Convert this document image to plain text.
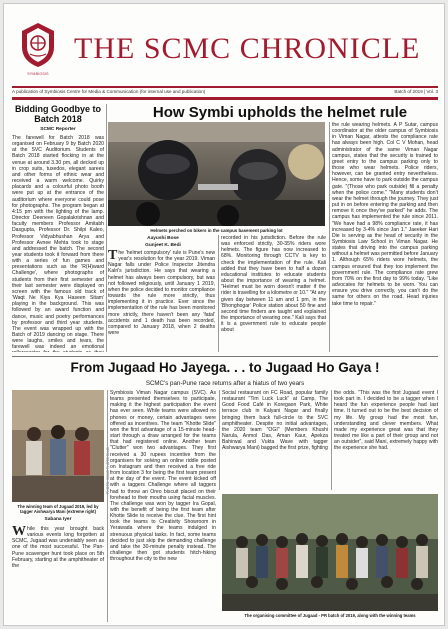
SYMBIOSIS
THE SCMC CHRONICLE
A publication of Symbiosis Centre for Media & Communication (for internal use and publication)	Batch of 2019 | Vol. 3
Bidding Goodbye to Batch 2018
SCMC Reporter
The farewell for Batch 2018 was organised on February 9 by Batch 2020 at the SVC Auditorium. Students of Batch 2018 started flocking in at the venue at around 3.30 pm, all decked up in crop suits, tuxedos, elegant sarees and other forms of ethnic wear and received a warm welcome. Quirky placards and a colourful photo booth were put up at the entrance of the auditorium where everyone could pose for photographs. The program began at 4:15 pm with the lighting of the lamp. Director Deeneen Gopalakrishnan and faculty members Professor Amitabh Dasgupta, Professor Dr. Shilpi Kaleo, Professor Vidyabhushan Arya and Professor Avnee Mehta took to stage and addressed the batch. The second year students took it forward from there with a series of fun games and presentations such as the 'R(H)ward Challenge', where photographs of students from their first semester and their last semester were displayed on screen with the famous old track of 'Waqt Ne Kiya Kya Haseen Sitam' playing in the background. This was followed by an award function and dance, music and poetry performances by professor and third year students. The event was wrapped up with the Batch of 2019 dancing on stage. There were laughs, smiles and tears, the farewell was indeed an emotional
How Symbi upholds the helmet rule
Helmets perched on bikers in the campus basement parking lot
Aayushi Bose
Gunjeet K. Bedi
The 'helmet compulsory' rule is Pune's new year's resolution for the year 2019. Viman Nagar falls under Police Inspector Jitendra Kalri's jurisdiction. He says that wearing a helmet has always been compulsory, but was not followed religiously, until January 1 2019, when the police decided to monitor compliance towards the rule more strictly, thus implementing it in practice. Ever since the implementation of the rule has been monitored more strictly, there haven't been any 'fatal' accidents and 1 death has been recorded, compared to January 2018, when 2 deaths were
recorded in his jurisdiction. Before the rule was enforced strictly, 30-35% riders wore helmets. The figure has now increased to 68%. Monitoring through CCTV is key to check the implementation of the rule. Kali added that they have been to half a dozen educational institutes to educate students about the importance of wearing a helmet. "Helmet must be worn doesn't matter if the rider is travelling for a kilometre or 10." "At any given day between 11 am and 1 pm, in the 'Bhonghogar' Police station about 50 fine and second time finders are taught and explained the importance of wearing one." Kali says that it is a government rule to educate people about
the rule wearing helmets. A P Sutar, campus coordinator at the older campus of Symbiosis in Viman Nagar, attests the compliance rate has always been high. Col C V Mohan, head administrator of the same Viman Nagar campus, states that the security is trained to greet entry to the campus parking only to those who wear helmets. Police riders, however, can be granted entry nevertheless. Hence, some have to park outside the campus gate. "(Those who park outside) fill a penalty when the police come." "Many students don't wear the helmet through the journey. They just put in on before entering the parking and then remove it once they've parked" he adds. The campus has implemented the rule since 2011. "We have had a 98% compliance rate, it has increased by 3-4% since Jan 1." Jaeeker Hari Die is serving as the head of security in the Symbiosis Law School in Viman Nagar. He states that driving into the campus parking without a helmet was permitted before January 1. Although 65% riders wore helmets, the campus ensured that they too implement the government rule. The compliance rate grew from 70% on the first day to 99% today. "Like advocates for helmets to be worn. You can ensure you drive correctly, you can't do the same for others on the road. Head injuries take time to repair."
From Jugaad Ho Jayega. . . to Jugaad Ho Gaya !
SCMC's pan-Pune race returns after a hiatus of two years
The winning team of Jugaad 2019, led by tagger Aishwarya Mani (extreme right)
Sabana Iyer
While this year brought back various events long forgotten at SCMC, Jugaad was undeniably seen as one of the most successful. The Pan-Pune scavenger hunt took place on 5th February, starting at the amphitheater of the
PHOTO: SCMC PHOTO CLUB
Symbiosis Viman Nagar campus (SVC). As teams presented themselves to participate, making it the highest participation the event has ever seen. While teams were allowed no phones or money, certain advantages were offered as incentives. The team "Khotte Slide" won the first advantage of a 15-minute head-start through a draw arranged for the teams that had registered online. Another team "Clutter" won two advantages. They first received a 30 rupees incentive from the organisers for solving an online riddle posted on Instagram and then received a free ride from location 3 for being the first team present at the day of the event. The event kicked off with a taggers Challenge where all taggers had to throw an Oreo biscuit placed on their forehead to their mouths using facial muscles. The challenge was won by tagger Ira Gopal, with the benefit of being the first team after Khotte Slide to receive the clue. The first hint took the teams to Creativity Showroom in Yerawada where the teams indulged in strenuous physical tasks. In fact, some teams decided to just skip the demanding challenge and take the 30-minute penalty instead. The challenge then got students hitch-hiking throughout the city to the new
Social restaurant on FC Road, popular family restaurant "Tim Luck Luck" at Camp, The Good Food Café in Koregaon Park, White terrace club in Kalyani Nagar and finally bringing them back full-circle to the SVC amphitheater. Despite no initial advantages, the 2020 team "OGI" (Members Khushi Narula, Anmol Das, Aman Kaur, Apekza Bahirwal and Vukta Wave with tagger Aishwarya Mani) bagged the first prize, fighting
the odds. "This was the first Jugaad event I took part in. I decided to be a tagger when I heard the fun experience people had last time. It turned out to be the best decision of my life. My group had the most fun, understanding and clever members. What made my experience great was that they treated me like a part of their group and not an outsider", said Mani, extremely happy with the experience she had.
The organising committee of Jugaad - PR batch of 2019, along with the winning teams
